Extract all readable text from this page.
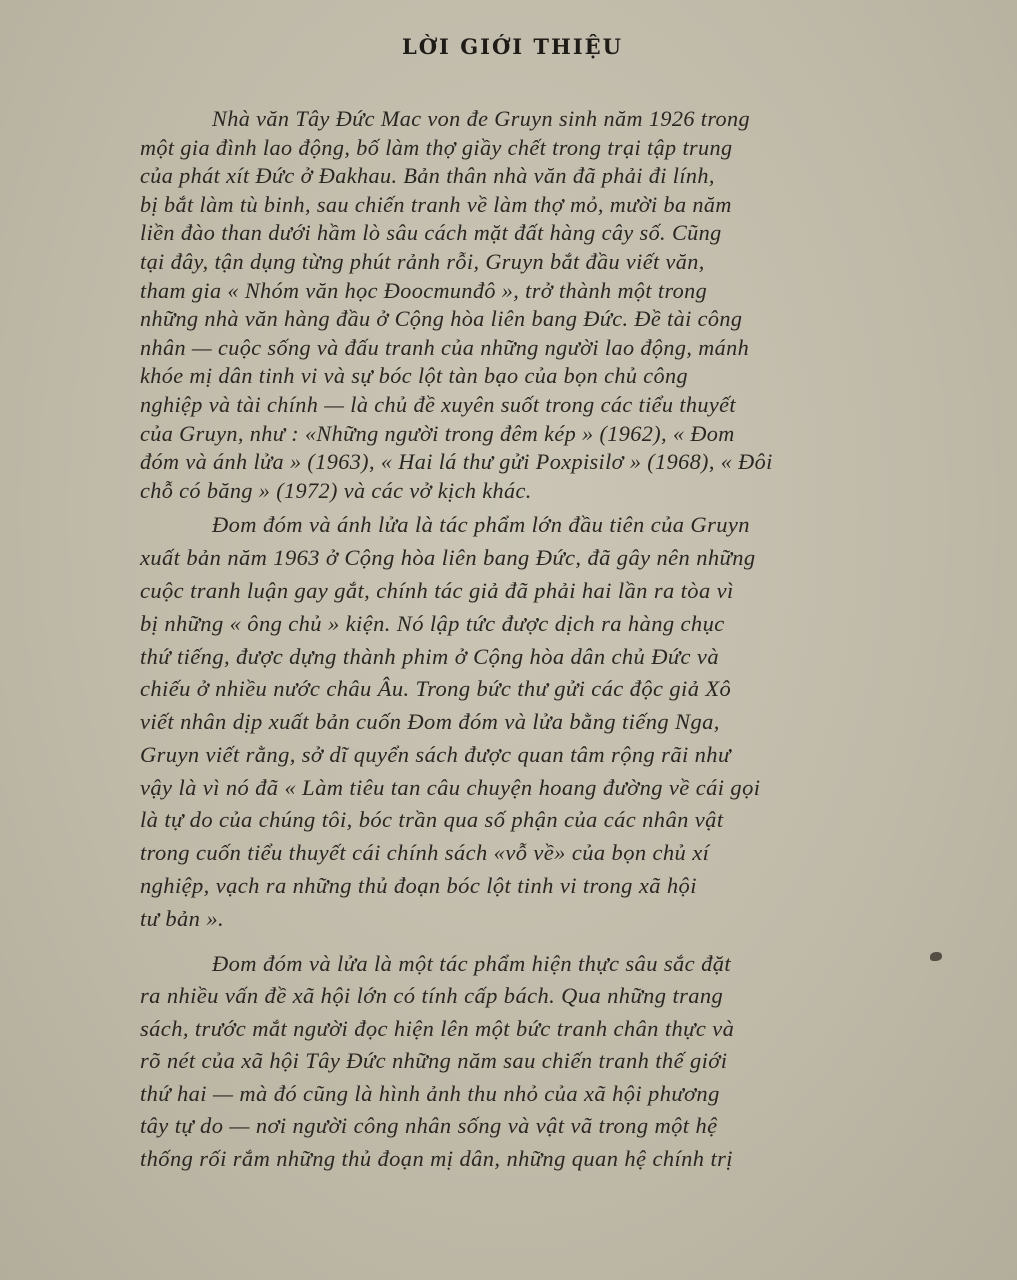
LỜI GIỚI THIỆU
Nhà văn Tây Đức Mac von đe Gruyn sinh năm 1926 trong
một gia đình lao động, bố làm thợ giầy chết trong trại tập trung
của phát xít Đức ở Đakhau. Bản thân nhà văn đã phải đi lính,
bị bắt làm tù binh, sau chiến tranh về làm thợ mỏ, mười ba năm
liền đào than dưới hầm lò sâu cách mặt đất hàng cây số. Cũng
tại đây, tận dụng từng phút rảnh rỗi, Gruyn bắt đầu viết văn,
tham gia « Nhóm văn học Đoocmunđô », trở thành một trong
những nhà văn hàng đầu ở Cộng hòa liên bang Đức. Đề tài công
nhân — cuộc sống và đấu tranh của những người lao động, mánh
khóe mị dân tinh vi và sự bóc lột tàn bạo của bọn chủ công
nghiệp và tài chính — là chủ đề xuyên suốt trong các tiểu thuyết
của Gruyn, như : «Những người trong đêm kép » (1962), « Đom
đóm và ánh lửa » (1963), « Hai lá thư gửi Poxpisilơ » (1968), « Đôi
chỗ có băng » (1972) và các vở kịch khác.
Đom đóm và ánh lửa là tác phẩm lớn đầu tiên của Gruyn
xuất bản năm 1963 ở Cộng hòa liên bang Đức, đã gây nên những
cuộc tranh luận gay gắt, chính tác giả đã phải hai lần ra tòa vì
bị những « ông chủ » kiện. Nó lập tức được dịch ra hàng chục
thứ tiếng, được dựng thành phim ở Cộng hòa dân chủ Đức và
chiếu ở nhiều nước châu Âu. Trong bức thư gửi các độc giả Xô
viết nhân dịp xuất bản cuốn Đom đóm và lửa bằng tiếng Nga,
Gruyn viết rằng, sở dĩ quyển sách được quan tâm rộng rãi như
vậy là vì nó đã « Làm tiêu tan câu chuyện hoang đường về cái gọi
là tự do của chúng tôi, bóc trần qua số phận của các nhân vật
trong cuốn tiểu thuyết cái chính sách «vỗ về» của bọn chủ xí
nghiệp, vạch ra những thủ đoạn bóc lột tinh vi trong xã hội
tư bản ».
Đom đóm và lửa là một tác phẩm hiện thực sâu sắc đặt
ra nhiều vấn đề xã hội lớn có tính cấp bách. Qua những trang
sách, trước mắt người đọc hiện lên một bức tranh chân thực và
rõ nét của xã hội Tây Đức những năm sau chiến tranh thế giới
thứ hai — mà đó cũng là hình ảnh thu nhỏ của xã hội phương
tây tự do — nơi người công nhân sống và vật vã trong một hệ
thống rối rắm những thủ đoạn mị dân, những quan hệ chính trị
